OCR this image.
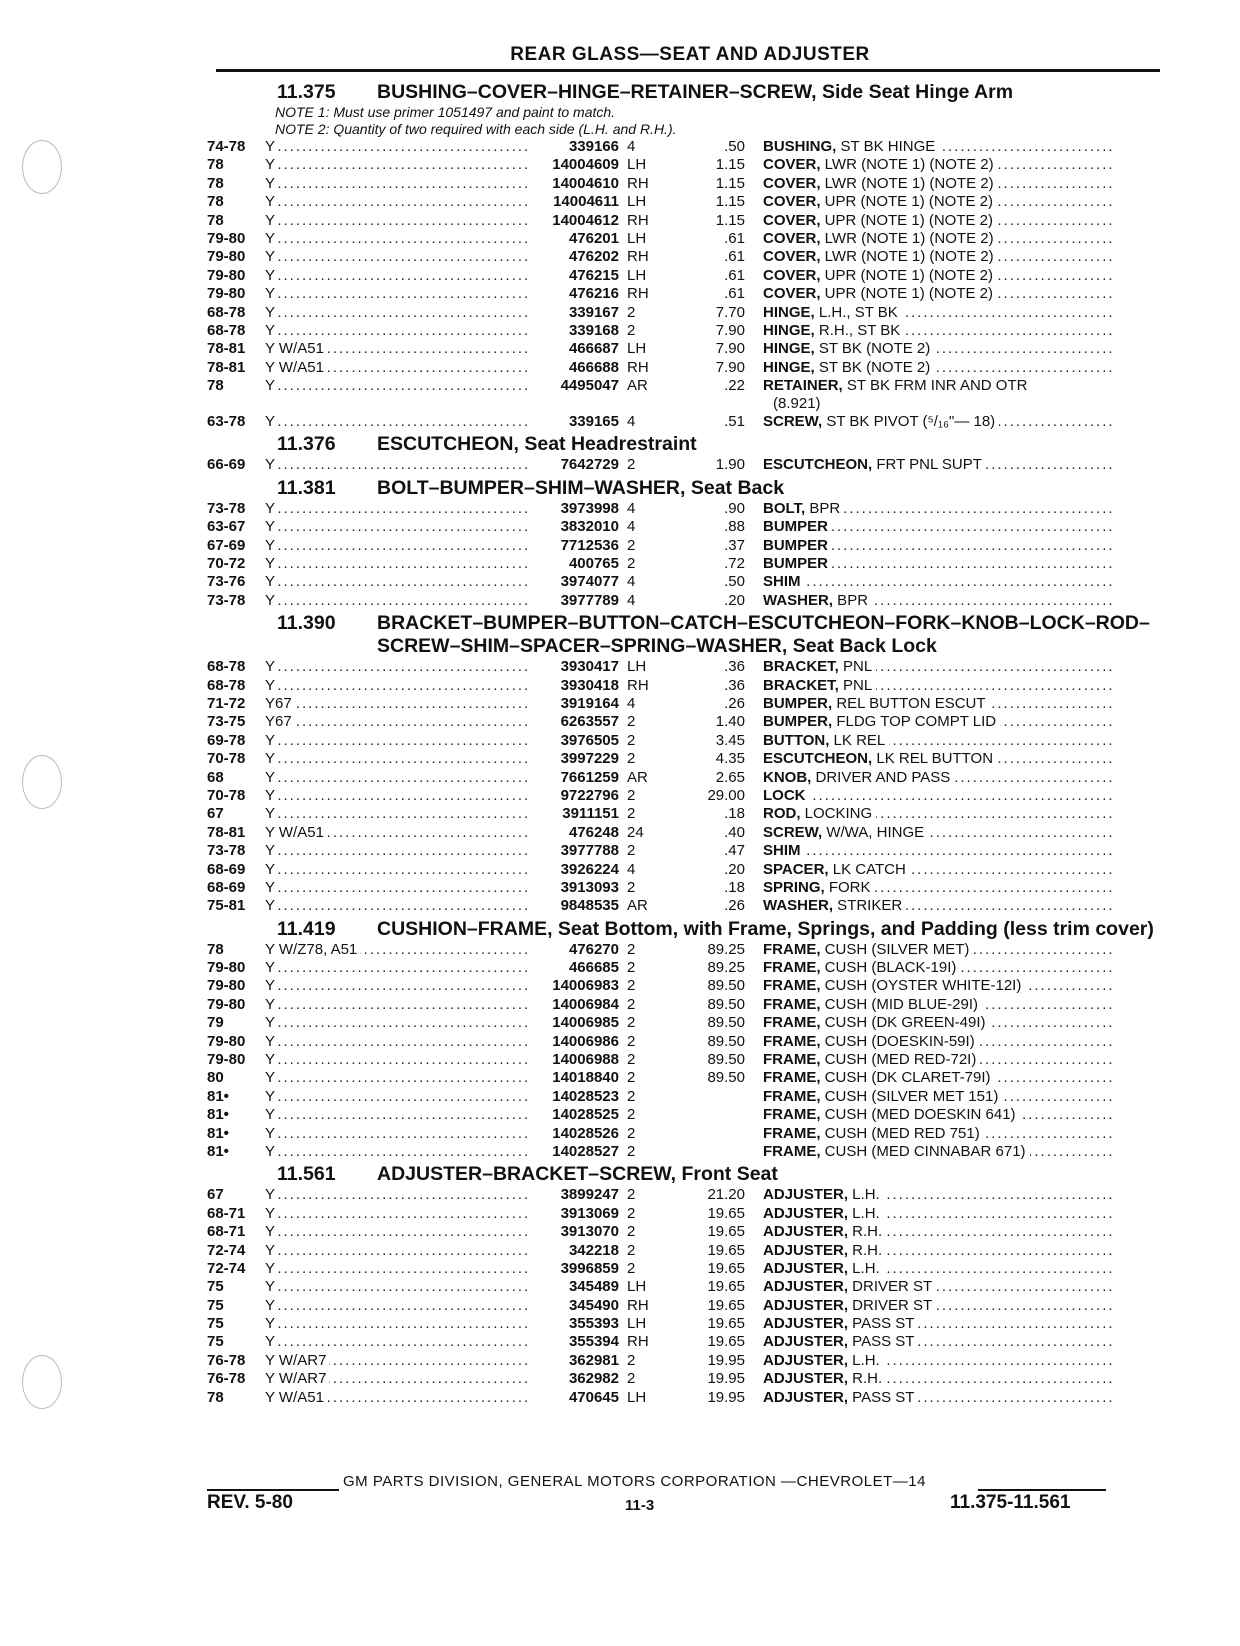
REAR GLASS—SEAT AND ADJUSTER
11.375	BUSHING–COVER–HINGE–RETAINER–SCREW, Side Seat Hinge Arm
NOTE 1: Must use primer 1051497 and paint to match.
NOTE 2: Quantity of two required with each side (L.H. and R.H.).
74-78	Y .....	339166 4	.50 BUSHING, ST BK HINGE .....
78	Y .....	14004609 LH	1.15 COVER, LWR (NOTE 1) (NOTE 2) .....
78	Y .....	14004610 RH	1.15 COVER, LWR (NOTE 1) (NOTE 2) .....
78	Y .....	14004611 LH	1.15 COVER, UPR (NOTE 1) (NOTE 2) .....
78	Y .....	14004612 RH	1.15 COVER, UPR (NOTE 1) (NOTE 2) .....
79-80	Y .....	476201 LH	.61 COVER, LWR (NOTE 1) (NOTE 2) .....
79-80	Y .....	476202 RH	.61 COVER, LWR (NOTE 1) (NOTE 2) .....
79-80	Y .....	476215 LH	.61 COVER, UPR (NOTE 1) (NOTE 2) .....
79-80	Y .....	476216 RH	.61 COVER, UPR (NOTE 1) (NOTE 2) .....
68-78	Y .....	339167 2	7.70 HINGE, L.H., ST BK .....
68-78	Y .....	339168 2	7.90 HINGE, R.H., ST BK .....
78-81	Y W/A51 .....	466687 LH	7.90 HINGE, ST BK (NOTE 2) .....
78-81	Y W/A51 .....	466688 RH	7.90 HINGE, ST BK (NOTE 2) .....
78	Y .....	4495047 AR	.22 RETAINER, ST BK FRM INR AND OTR
(8.921)
63-78	Y .....	339165 4	.51 SCREW, ST BK PIVOT (⁵/₁₆"— 18) .....
11.376	ESCUTCHEON, Seat Headrestraint
66-69	Y .....	7642729 2	1.90 ESCUTCHEON, FRT PNL SUPT .....
11.381	BOLT–BUMPER–SHIM–WASHER, Seat Back
73-78	Y .....	3973998 4	.90 BOLT, BPR .....
63-67	Y .....	3832010 4	.88 BUMPER .....
67-69	Y .....	7712536 2	.37 BUMPER .....
70-72	Y .....	400765 2	.72 BUMPER .....
73-76	Y .....	3974077 4	.50 SHIM .....
73-78	Y .....	3977789 4	.20 WASHER, BPR .....
11.390	BRACKET–BUMPER–BUTTON–CATCH–ESCUTCHEON–FORK–KNOB–LOCK–ROD–SCREW–SHIM–SPACER–SPRING–WASHER, Seat Back Lock
68-78	Y .....	3930417 LH	.36 BRACKET, PNL .....
68-78	Y .....	3930418 RH	.36 BRACKET, PNL .....
71-72	Y67 .....	3919164 4	.26 BUMPER, REL BUTTON ESCUT .....
73-75	Y67 .....	6263557 2	1.40 BUMPER, FLDG TOP COMPT LID .....
69-78	Y .....	3976505 2	3.45 BUTTON, LK REL .....
70-78	Y .....	3997229 2	4.35 ESCUTCHEON, LK REL BUTTON .....
68	Y .....	7661259 AR	2.65 KNOB, DRIVER AND PASS .....
70-78	Y .....	9722796 2	29.00 LOCK .....
67	Y .....	3911151 2	.18 ROD, LOCKING .....
78-81	Y W/A51 .....	476248 24	.40 SCREW, W/WA, HINGE .....
73-78	Y .....	3977788 2	.47 SHIM .....
68-69	Y .....	3926224 4	.20 SPACER, LK CATCH .....
68-69	Y .....	3913093 2	.18 SPRING, FORK .....
75-81	Y .....	9848535 AR	.26 WASHER, STRIKER .....
11.419	CUSHION–FRAME, Seat Bottom, with Frame, Springs, and Padding (less trim cover)
78	Y W/Z78, A51 .....	476270 2	89.25 FRAME, CUSH (SILVER MET) .....
79-80	Y .....	466685 2	89.25 FRAME, CUSH (BLACK-19I) .....
79-80	Y .....	14006983 2	89.50 FRAME, CUSH (OYSTER WHITE-12I) .....
79-80	Y .....	14006984 2	89.50 FRAME, CUSH (MID BLUE-29I) .....
79	Y .....	14006985 2	89.50 FRAME, CUSH (DK GREEN-49I) .....
79-80	Y .....	14006986 2	89.50 FRAME, CUSH (DOESKIN-59I) .....
79-80	Y .....	14006988 2	89.50 FRAME, CUSH (MED RED-72I) .....
80	Y .....	14018840 2	89.50 FRAME, CUSH (DK CLARET-79I) .....
81•	Y .....	14028523 2	FRAME, CUSH (SILVER MET 151) .....
81•	Y .....	14028525 2	FRAME, CUSH (MED DOESKIN 641) .....
81•	Y .....	14028526 2	FRAME, CUSH (MED RED 751) .....
81•	Y .....	14028527 2	FRAME, CUSH (MED CINNABAR 671) .....
11.561	ADJUSTER–BRACKET–SCREW, Front Seat
67	Y .....	3899247 2	21.20 ADJUSTER, L.H. .....
68-71	Y .....	3913069 2	19.65 ADJUSTER, L.H. .....
68-71	Y .....	3913070 2	19.65 ADJUSTER, R.H. .....
72-74	Y .....	342218 2	19.65 ADJUSTER, R.H. .....
72-74	Y .....	3996859 2	19.65 ADJUSTER, L.H. .....
75	Y .....	345489 LH	19.65 ADJUSTER, DRIVER ST .....
75	Y .....	345490 RH	19.65 ADJUSTER, DRIVER ST .....
75	Y .....	355393 LH	19.65 ADJUSTER, PASS ST .....
75	Y .....	355394 RH	19.65 ADJUSTER, PASS ST .....
76-78	Y W/AR7 .....	362981 2	19.95 ADJUSTER, L.H. .....
76-78	Y W/AR7 .....	362982 2	19.95 ADJUSTER, R.H. .....
78	Y W/A51 .....	470645 LH	19.95 ADJUSTER, PASS ST .....
GM PARTS DIVISION, GENERAL MOTORS CORPORATION —CHEVROLET—14
REV. 5-80	11-3	11.375-11.561
